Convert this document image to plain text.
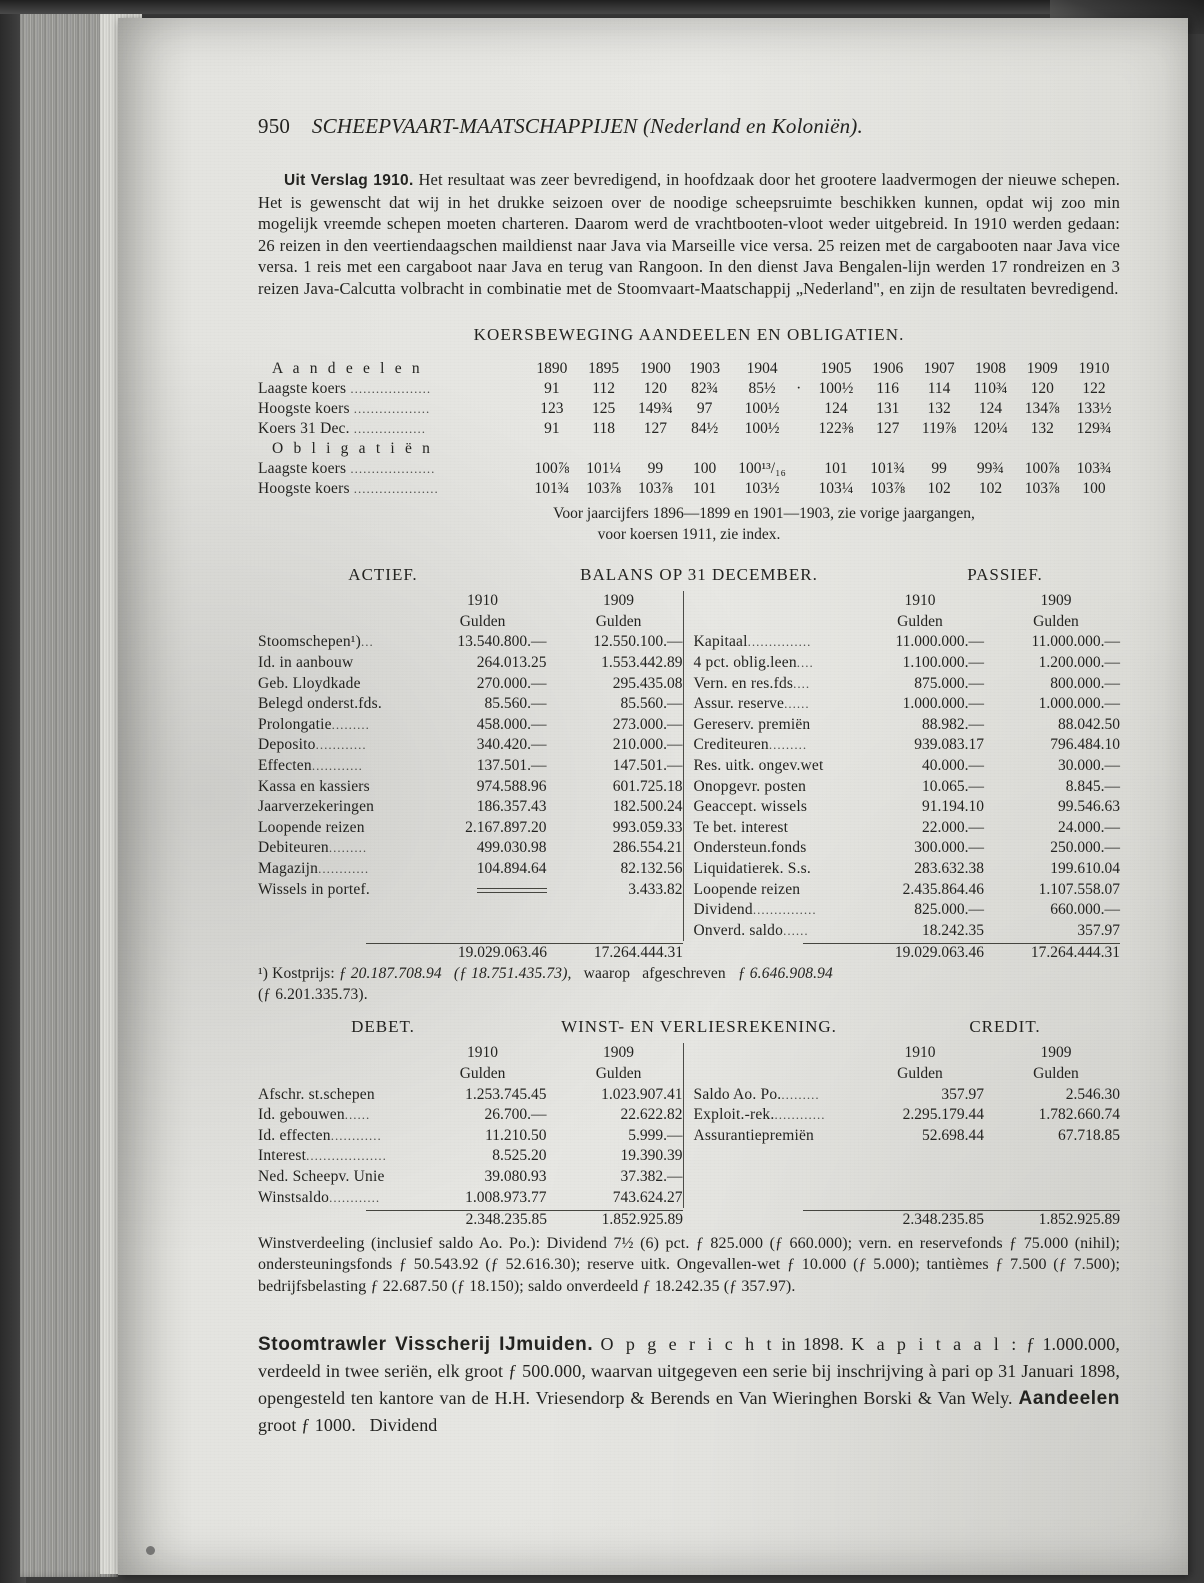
950 SCHEEPVAART-MAATSCHAPPIJEN (Nederland en Koloniën).
Uit Verslag 1910. Het resultaat was zeer bevredigend, in hoofdzaak door het grootere laadvermogen der nieuwe schepen. Het is gewenscht dat wij in het drukke seizoen over de noodige scheepsruimte beschikken kunnen, opdat wij zoo min mogelijk vreemde schepen moeten charteren. Daarom werd de vrachtbooten-vloot weder uitgebreid. In 1910 werden gedaan: 26 reizen in den veertiendaagschen maildienst naar Java via Marseille vice versa. 25 reizen met de cargabooten naar Java vice versa. 1 reis met een cargaboot naar Java en terug van Rangoon. In den dienst Java Bengalen-lijn werden 17 rondreizen en 3 reizen Java-Calcutta volbracht in combinatie met de Stoomvaart-Maatschappij „Nederland", en zijn de resultaten bevredigend.
KOERSBEWEGING AANDEELEN EN OBLIGATIEN.
A a n d e e l e n	1890	1895	1900	1903	1904		1905	1906	1907	1908	1909	1910
Laagste koers ...................	91	112	120	82¾	85½	·	100½	116	114	110¾	120	122
Hoogste koers ..................	123	125	149¾	97	100½		124	131	132	124	134⅞	133½
Koers 31 Dec. .................	91	118	127	84½	100½		122⅜	127	119⅞	120¼	132	129¾
O b l i g a t i ë n												
Laagste koers ....................	100⅞	101¼	99	100	100¹³/₁₆		101	101¾	99	99¾	100⅞	103¾
Hoogste koers ....................	101¾	103⅞	103⅞	101	103½		103¼	103⅞	102	102	103⅞	100
Voor jaarcijfers 1896—1899 en 1901—1903, zie vorige jaargangen,
voor koersen 1911, zie index.
ACTIEF.	BALANS OP 31 DECEMBER.	PASSIEF.
	1910	1909
	Gulden	Gulden
Stoomschepen¹)...	13.540.800.—	12.550.100.—
Id. in aanbouw	264.013.25	1.553.442.89
Geb. Lloydkade	270.000.—	295.435.08
Belegd onderst.fds.	85.560.—	85.560.—
Prolongatie.........	458.000.—	273.000.—
Deposito............	340.420.—	210.000.—
Effecten............	137.501.—	147.501.—
Kassa en kassiers	974.588.96	601.725.18
Jaarverzekeringen	186.357.43	182.500.24
Loopende reizen	2.167.897.20	993.059.33
Debiteuren.........	499.030.98	286.554.21
Magazijn............	104.894.64	82.132.56
Wissels in portef.		3.433.82
	1910	1909
	Gulden	Gulden
Kapitaal...............	11.000.000.—	11.000.000.—
4 pct. oblig.leen....	1.100.000.—	1.200.000.—
Vern. en res.fds....	875.000.—	800.000.—
Assur. reserve......	1.000.000.—	1.000.000.—
Gereserv. premiën	88.982.—	88.042.50
Crediteuren.........	939.083.17	796.484.10
Res. uitk. ongev.wet	40.000.—	30.000.—
Onopgevr. posten	10.065.—	8.845.—
Geaccept. wissels	91.194.10	99.546.63
Te bet. interest	22.000.—	24.000.—
Ondersteun.fonds	300.000.—	250.000.—
Liquidatierek. S.s.	283.632.38	199.610.04
Loopende reizen	2.435.864.46	1.107.558.07
Dividend...............	825.000.—	660.000.—
Onverd. saldo......	18.242.35	357.97
19.029.063.46	17.264.444.31	19.029.063.46	17.264.444.31
¹) Kostprijs: ƒ 20.187.708.94 (ƒ 18.751.435.73), waarop afgeschreven ƒ 6.646.908.94
(ƒ 6.201.335.73).
DEBET.	WINST- EN VERLIESREKENING.	CREDIT.
	1910	1909
	Gulden	Gulden
Afschr. st.schepen	1.253.745.45	1.023.907.41
Id. gebouwen......	26.700.—	22.622.82
Id. effecten............	11.210.50	5.999.—
Interest...................	8.525.20	19.390.39
Ned. Scheepv. Unie	39.080.93	37.382.—
Winstsaldo............	1.008.973.77	743.624.27
	1910	1909
	Gulden	Gulden
Saldo Ao. Po..........	357.97	2.546.30
Exploit.-rek.............	2.295.179.44	1.782.660.74
Assurantiepremiën	52.698.44	67.718.85

2.348.235.85	1.852.925.89	2.348.235.85	1.852.925.89
Winstverdeeling (inclusief saldo Ao. Po.): Dividend 7½ (6) pct. ƒ 825.000 (ƒ 660.000); vern. en reservefonds ƒ 75.000 (nihil); ondersteuningsfonds ƒ 50.543.92 (ƒ 52.616.30); reserve uitk. Ongevallen-wet ƒ 10.000 (ƒ 5.000); tantièmes ƒ 7.500 (ƒ 7.500); bedrijfsbelasting ƒ 22.687.50 (ƒ 18.150); saldo onverdeeld ƒ 18.242.35 (ƒ 357.97).
Stoomtrawler Visscherij IJmuiden. O p g e r i c h t in 1898. K a p i t a a l : ƒ 1.000.000, verdeeld in twee seriën, elk groot ƒ 500.000, waarvan uitgegeven een serie bij inschrijving à pari op 31 Januari 1898, opengesteld ten kantore van de H.H. Vriesendorp & Berends en Van Wieringhen Borski & Van Wely. Aandeelen groot ƒ 1000. Dividend
